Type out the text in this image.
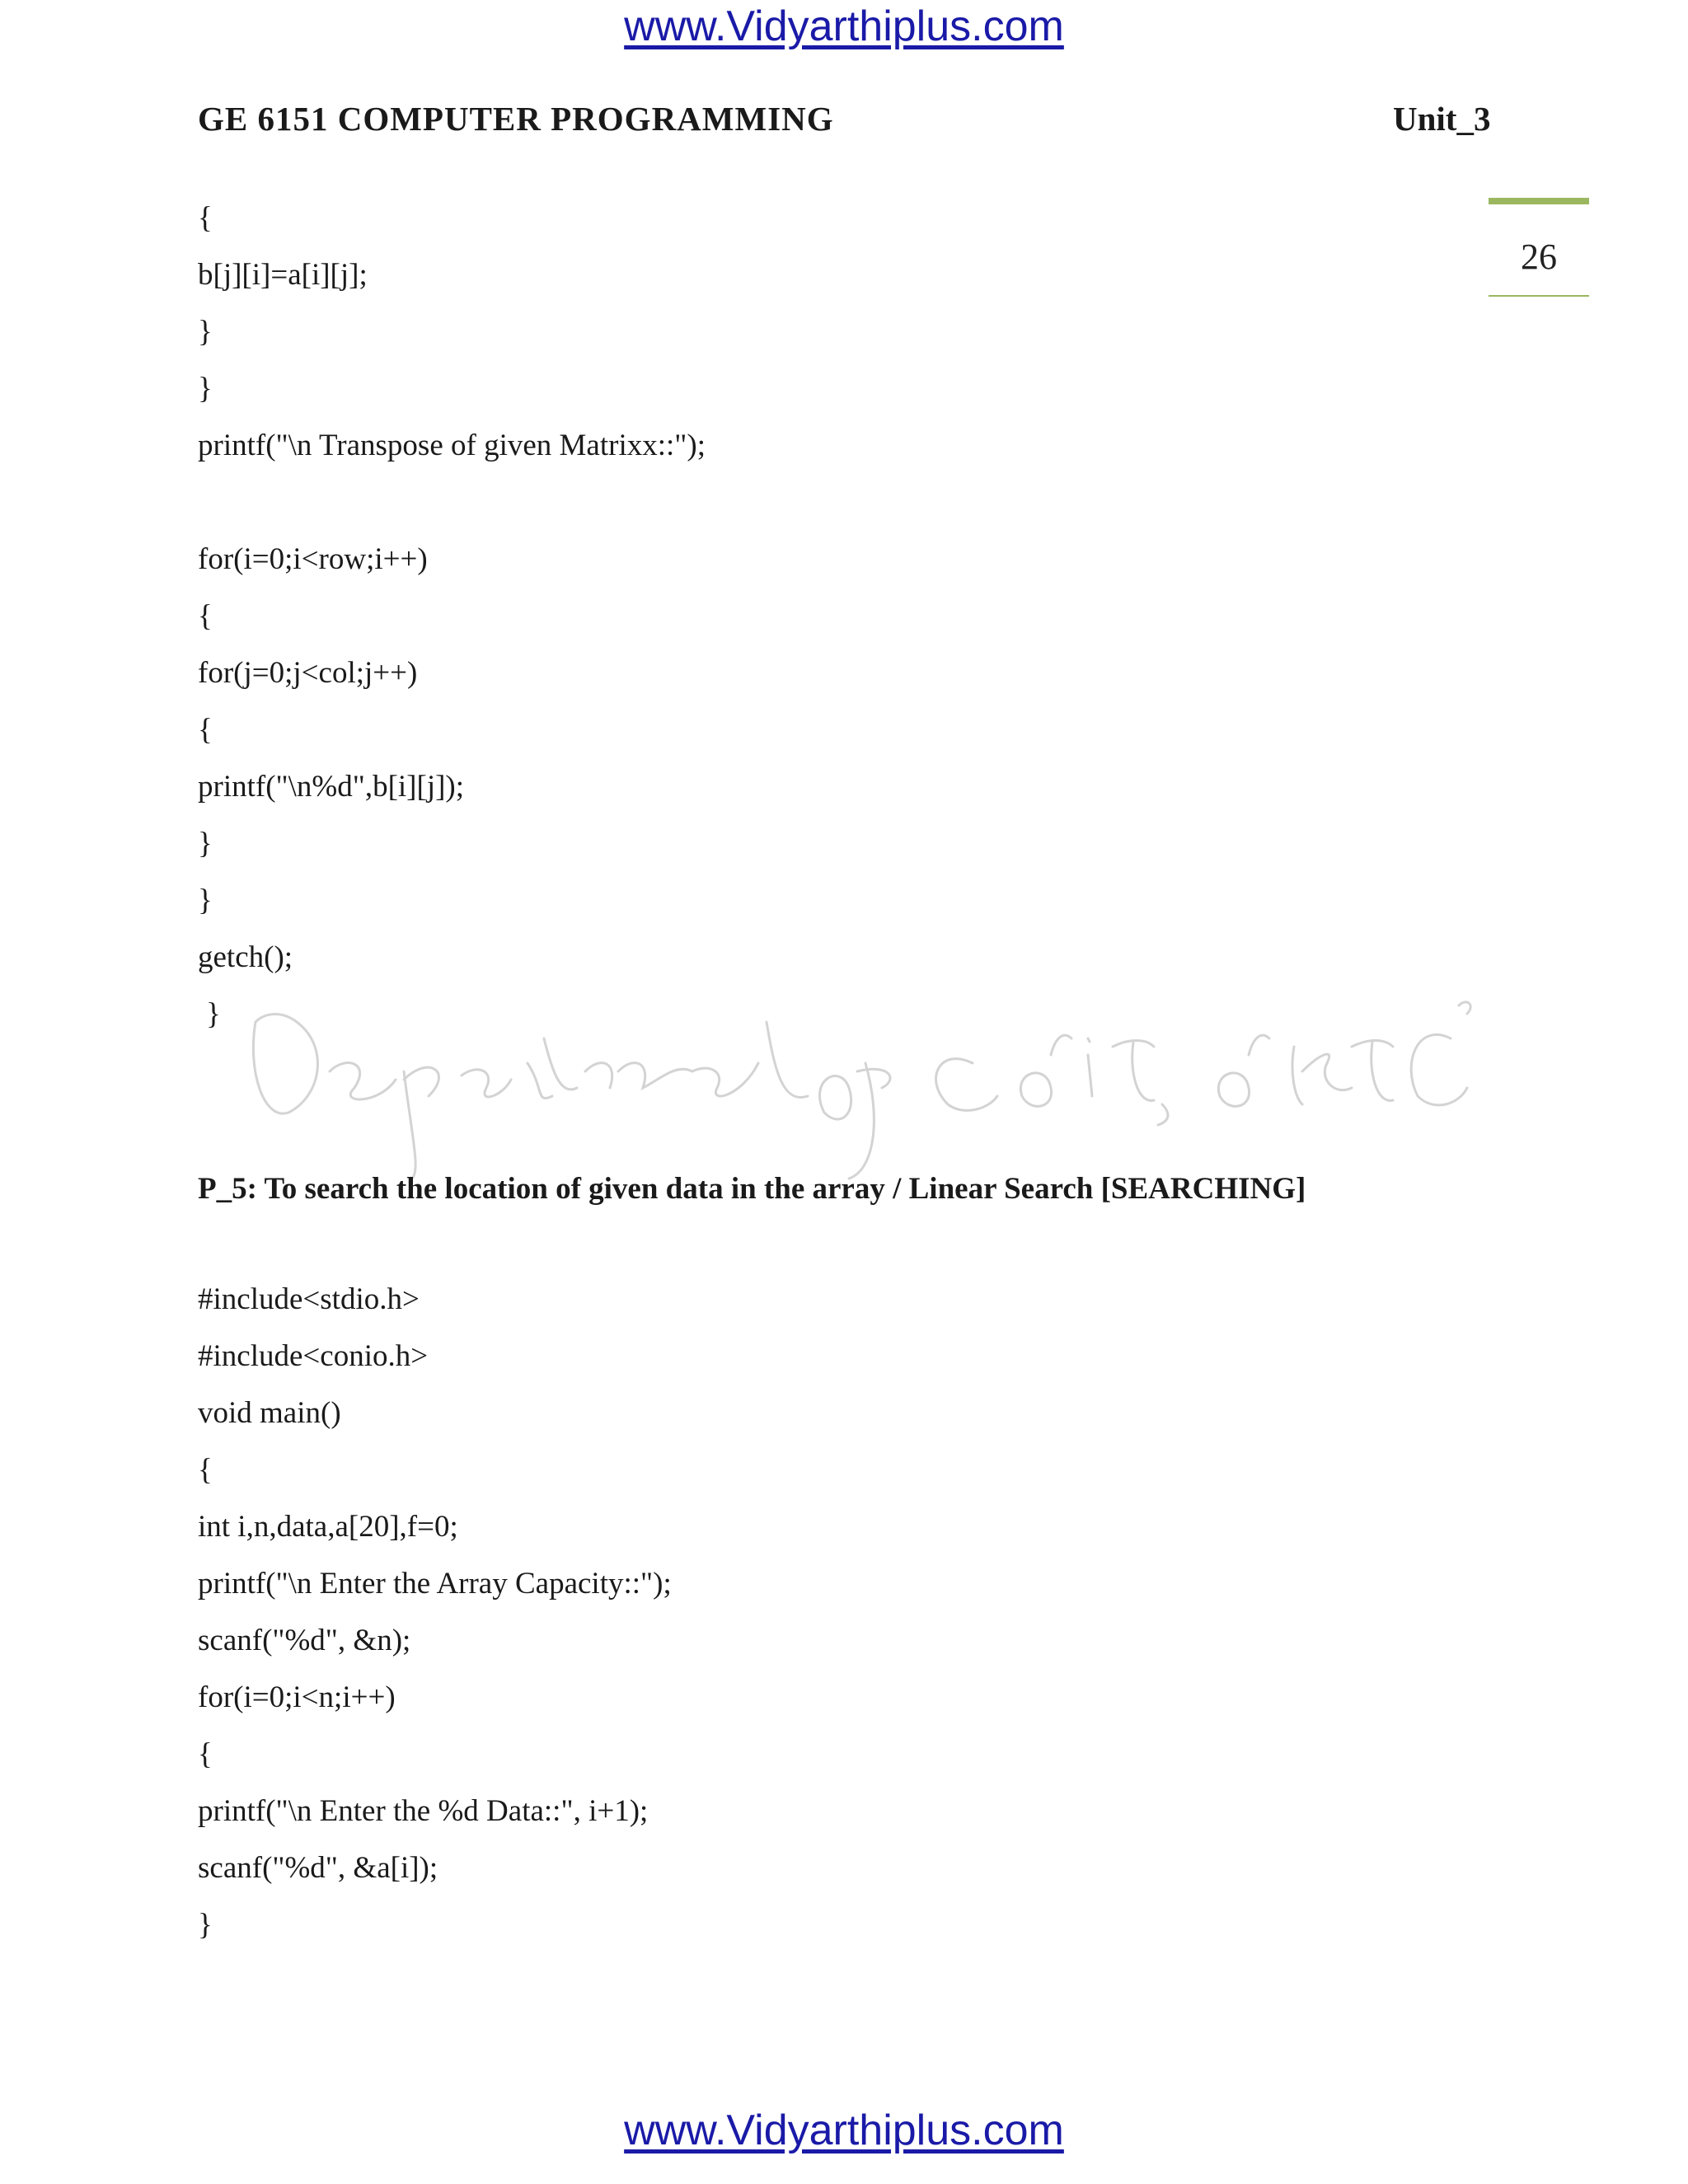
www.Vidyarthiplus.com
GE 6151 COMPUTER PROGRAMMING	Unit_3
26
{
b[j][i]=a[i][j];
}
}
printf("\n Transpose of given Matrixx::");
for(i=0;i<row;i++)
{
for(j=0;j<col;j++)
{
printf("\n%d",b[i][j]);
}
}
getch();
}
P_5: To search the location of given data in the array / Linear Search [SEARCHING]
#include<stdio.h>
#include<conio.h>
void main()
{
int i,n,data,a[20],f=0;
printf("\n Enter the Array Capacity::");
scanf("%d", &n);
for(i=0;i<n;i++)
{
printf("\n Enter the %d Data::", i+1);
scanf("%d", &a[i]);
}
www.Vidyarthiplus.com
